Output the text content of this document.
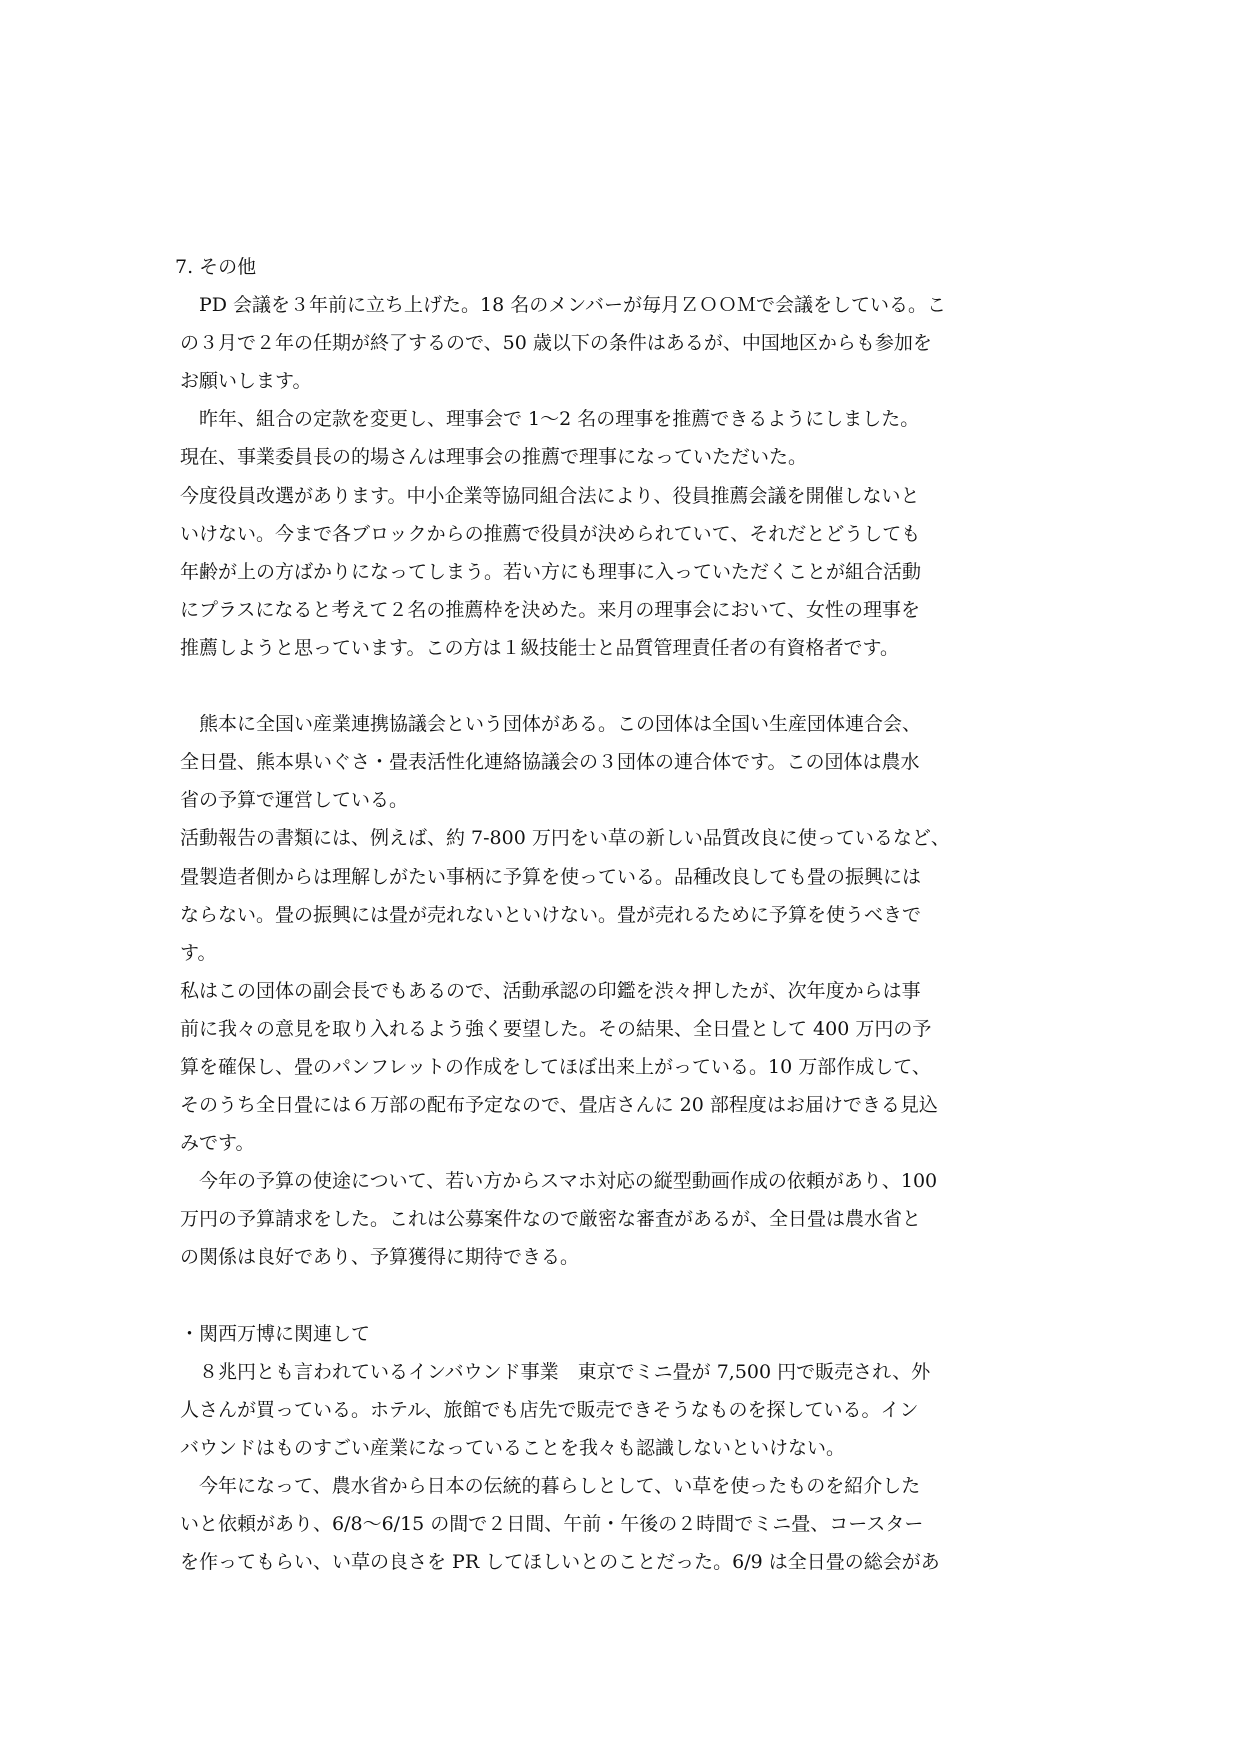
7. その他
　PD 会議を３年前に立ち上げた。18 名のメンバーが毎月ＺＯＯＭで会議をしている。こ
の３月で２年の任期が終了するので、50 歳以下の条件はあるが、中国地区からも参加を
お願いします。
　昨年、組合の定款を変更し、理事会で 1～2 名の理事を推薦できるようにしました。
現在、事業委員長の的場さんは理事会の推薦で理事になっていただいた。
今度役員改選があります。中小企業等協同組合法により、役員推薦会議を開催しないと
いけない。今まで各ブロックからの推薦で役員が決められていて、それだとどうしても
年齢が上の方ばかりになってしまう。若い方にも理事に入っていただくことが組合活動
にプラスになると考えて２名の推薦枠を決めた。来月の理事会において、女性の理事を
推薦しようと思っています。この方は１級技能士と品質管理責任者の有資格者です。
　熊本に全国い産業連携協議会という団体がある。この団体は全国い生産団体連合会、
全日畳、熊本県いぐさ・畳表活性化連絡協議会の３団体の連合体です。この団体は農水
省の予算で運営している。
活動報告の書類には、例えば、約 7-800 万円をい草の新しい品質改良に使っているなど、
畳製造者側からは理解しがたい事柄に予算を使っている。品種改良しても畳の振興には
ならない。畳の振興には畳が売れないといけない。畳が売れるために予算を使うべきで
す。
私はこの団体の副会長でもあるので、活動承認の印鑑を渋々押したが、次年度からは事
前に我々の意見を取り入れるよう強く要望した。その結果、全日畳として 400 万円の予
算を確保し、畳のパンフレットの作成をしてほぼ出来上がっている。10 万部作成して、
そのうち全日畳には６万部の配布予定なので、畳店さんに 20 部程度はお届けできる見込
みです。
　今年の予算の使途について、若い方からスマホ対応の縦型動画作成の依頼があり、100
万円の予算請求をした。これは公募案件なので厳密な審査があるが、全日畳は農水省と
の関係は良好であり、予算獲得に期待できる。
・関西万博に関連して
　８兆円とも言われているインバウンド事業　東京でミニ畳が 7,500 円で販売され、外
人さんが買っている。ホテル、旅館でも店先で販売できそうなものを探している。イン
バウンドはものすごい産業になっていることを我々も認識しないといけない。
　今年になって、農水省から日本の伝統的暮らしとして、い草を使ったものを紹介した
いと依頼があり、6/8～6/15 の間で２日間、午前・午後の２時間でミニ畳、コースター
を作ってもらい、い草の良さを PR してほしいとのことだった。6/9 は全日畳の総会があ
